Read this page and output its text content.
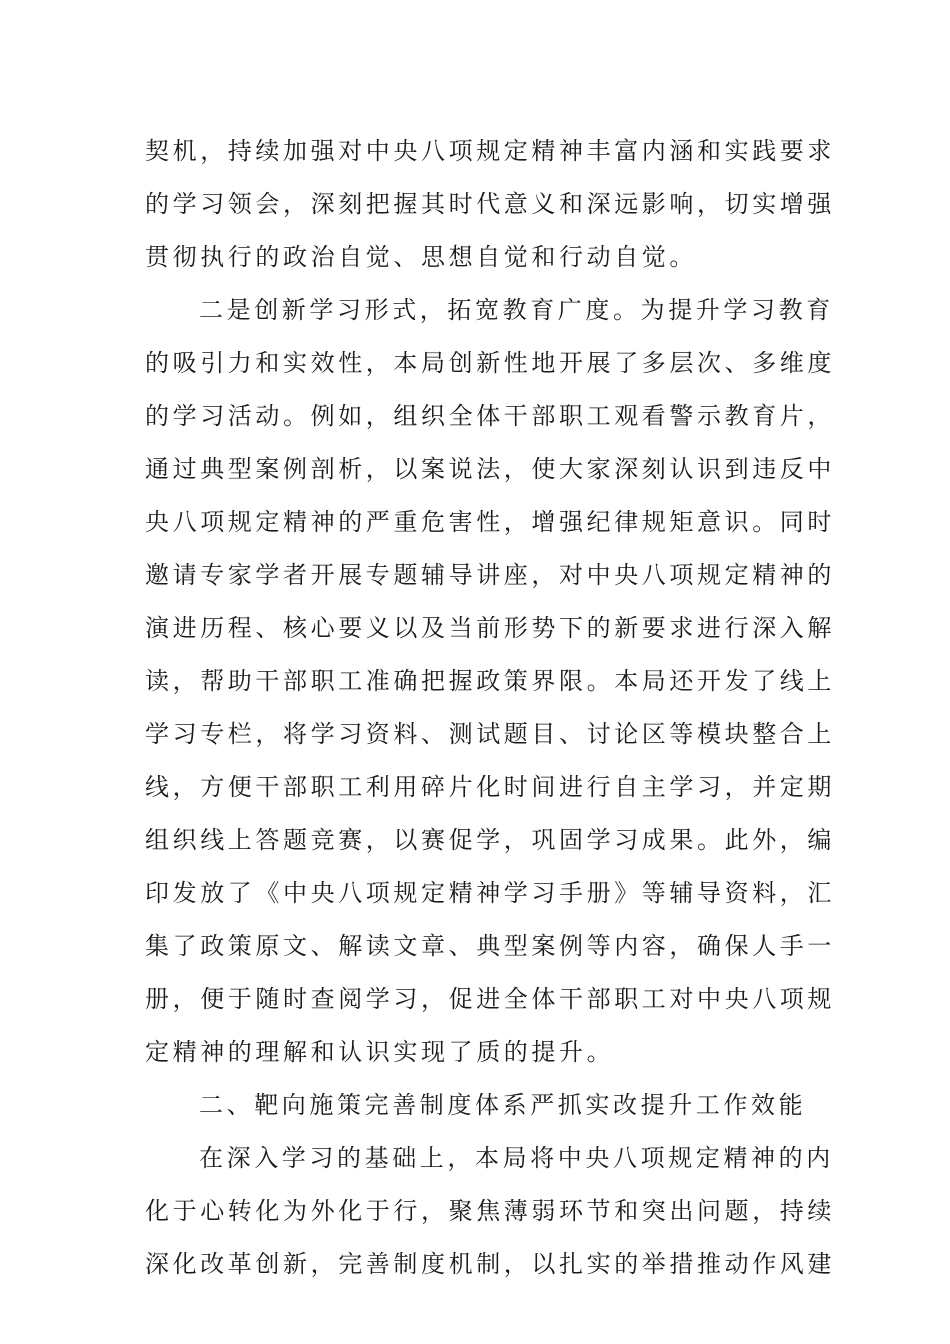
契机，持续加强对中央八项规定精神丰富内涵和实践要求
的学习领会，深刻把握其时代意义和深远影响，切实增强
贯彻执行的政治自觉、思想自觉和行动自觉。
二是创新学习形式，拓宽教育广度。为提升学习教育
的吸引力和实效性，本局创新性地开展了多层次、多维度
的学习活动。例如，组织全体干部职工观看警示教育片，
通过典型案例剖析，以案说法，使大家深刻认识到违反中
央八项规定精神的严重危害性，增强纪律规矩意识。同时
邀请专家学者开展专题辅导讲座，对中央八项规定精神的
演进历程、核心要义以及当前形势下的新要求进行深入解
读，帮助干部职工准确把握政策界限。本局还开发了线上
学习专栏，将学习资料、测试题目、讨论区等模块整合上
线，方便干部职工利用碎片化时间进行自主学习，并定期
组织线上答题竞赛，以赛促学，巩固学习成果。此外，编
印发放了《中央八项规定精神学习手册》等辅导资料，汇
集了政策原文、解读文章、典型案例等内容，确保人手一
册，便于随时查阅学习，促进全体干部职工对中央八项规
定精神的理解和认识实现了质的提升。
二、靶向施策完善制度体系严抓实改提升工作效能
在深入学习的基础上，本局将中央八项规定精神的内
化于心转化为外化于行，聚焦薄弱环节和突出问题，持续
深化改革创新，完善制度机制，以扎实的举措推动作风建
